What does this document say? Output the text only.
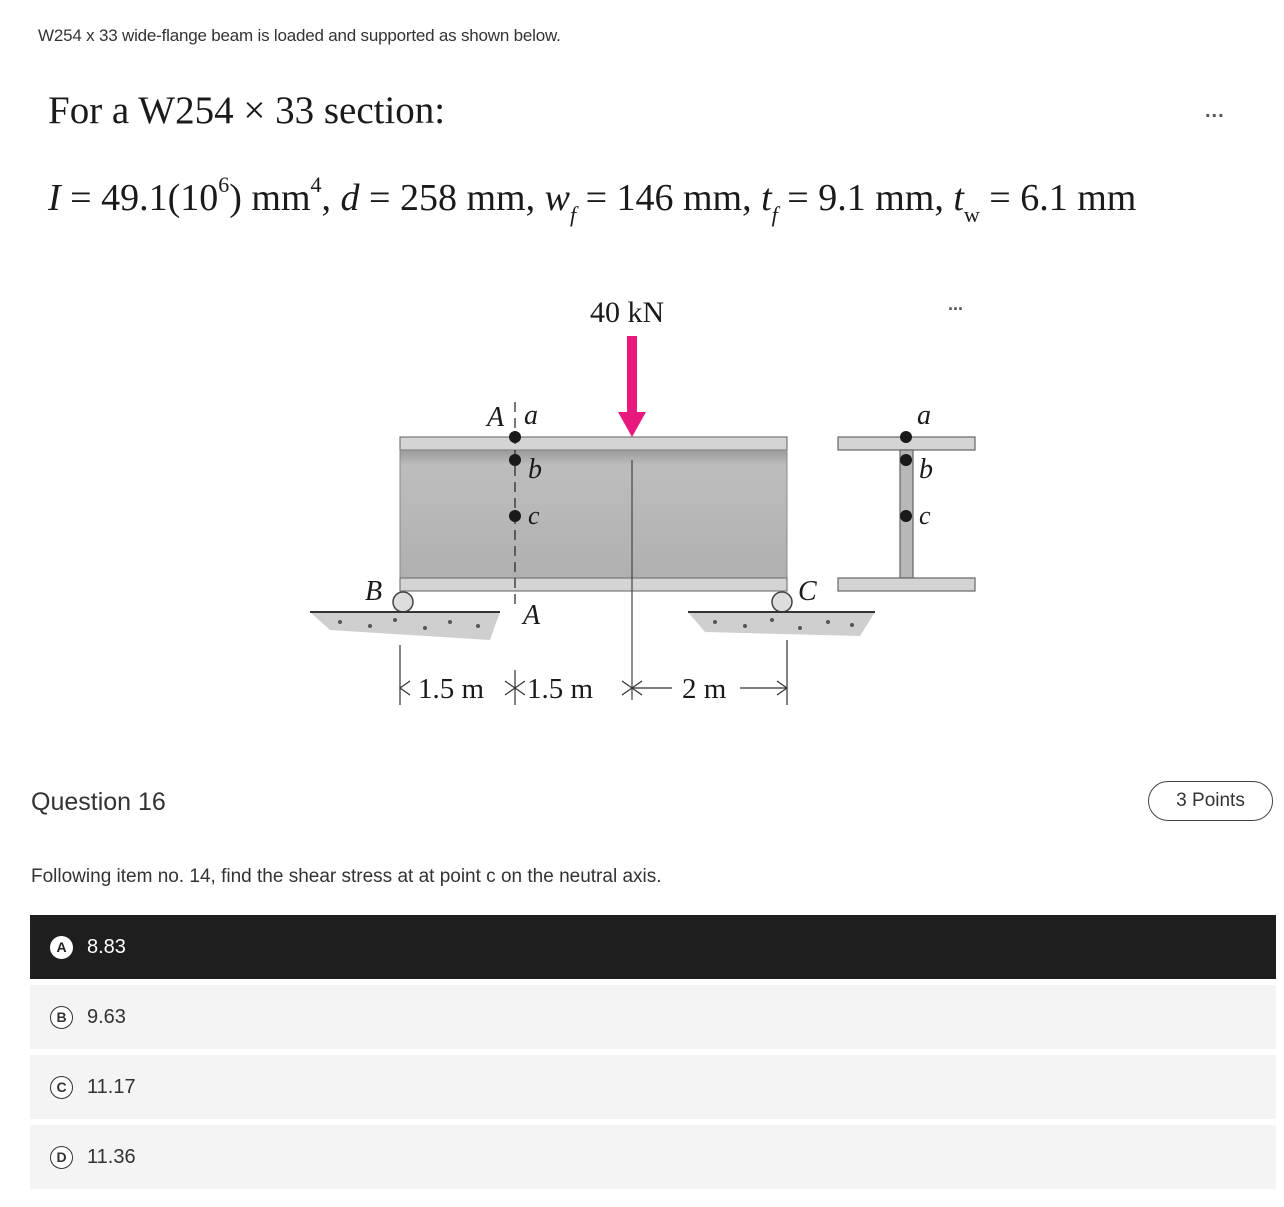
W254 x 33 wide-flange beam is loaded and supported as shown below.
For a W254 × 33 section:	...
$I = 49.1(10^6)$ $mm^4$, d = 258 mm, $w_f = 146$ mm, $t_f = 9.1$ mm, $t_w = 6.1$ mm
40 kN	...
A
A
a
b
c
B	C
1.5 m 1.5 m	2 m
a
b
c
Question 16	3 Points
Following item no. 14, find the shear stress at at point c on the neutral axis.
A	8.83
B	9.63
C	11.17
D	11.36
